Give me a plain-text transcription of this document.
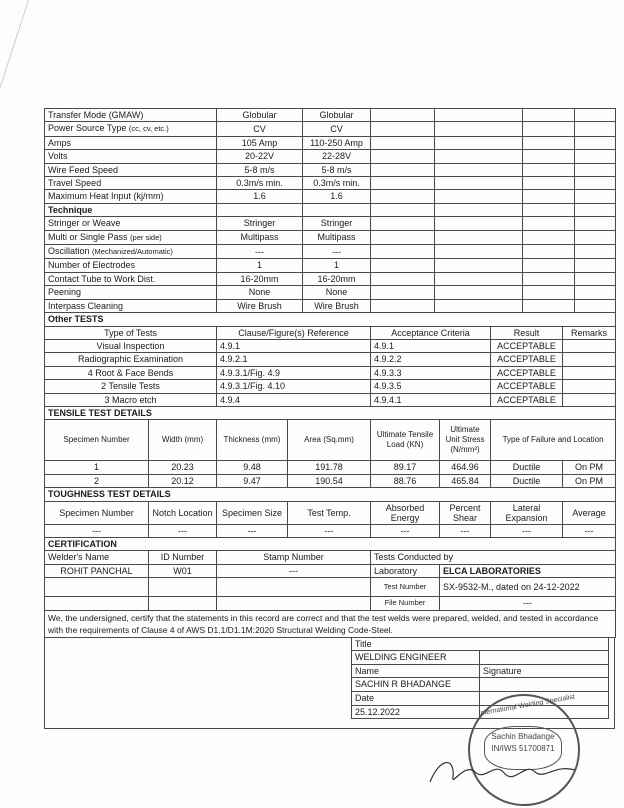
Transfer Mode (GMAW)	Globular	Globular				
Power Source Type (cc, cv, etc.)	CV	CV				
Amps	105 Amp	110-250 Amp				
Volts	20-22V	22-28V				
Wire Feed Speed	5-8 m/s	5-8 m/s				
Travel Speed	0.3m/s min.	0.3m/s min.				
Maximum Heat Input (kj/mm)	1.6	1.6				
Technique						
Stringer or Weave	Stringer	Stringer				
Multi or Single Pass (per side)	Multipass	Multipass				
Oscillation (Mechanized/Automatic)	---	---				
Number of Electrodes	1	1				
Contact Tube to Work Dist.	16-20mm	16-20mm				
Peening	None	None				
Interpass Cleaning	Wire Brush	Wire Brush				
Other TESTS				
Type of Tests	Clause/Figure(s) Reference	Acceptance Criteria	Result	Remarks
Visual Inspection	4.9.1	4.9.1	ACCEPTABLE	
Radiographic Examination	4.9.2.1	4.9.2.2	ACCEPTABLE	
4 Root & Face Bends	4.9.3.1/Fig. 4.9	4.9.3.3	ACCEPTABLE	
2 Tensile Tests	4.9.3.1/Fig. 4.10	4.9.3.5	ACCEPTABLE	
3 Macro etch	4.9.4	4.9.4.1	ACCEPTABLE	
TENSILE TEST DETAILS							
Specimen Number	Width (mm)	Thickness (mm)	Area (Sq.mm)	Ultimate Tensile Load (KN)	Ultimate Unit Stress (N/mm²)	Type of Failure and Location	
1	20.23	9.48	191.78	89.17	464.96	Ductile	On PM
2	20.12	9.47	190.54	88.76	465.84	Ductile	On PM
TOUGHNESS TEST DETAILS							
Specimen Number	Notch Location	Specimen Size	Test Temp.	Absorbed Energy	Percent Shear	Lateral Expansion	Average
---	---	---	---	---	---	---	---
CERTIFICATION				
Welder's Name	ID Number	Stamp Number	Tests Conducted by	
ROHIT PANCHAL	W01	---	Laboratory	ELCA LABORATORIES
			Test Number	SX-9532-M., dated on 24-12-2022
			File Number	---
We, the undersigned, certify that the statements in this record are correct and that the test welds were prepared, welded, and tested in accordance with the requirements of Clause 4 of AWS D1.1/D1.1M:2020 Structural Welding Code-Steel.				
Title	
WELDING ENGINEER	
Name	Signature
SACHIN R BHADANGE	
Date	
25.12.2022		International Welding Specialist
Sachin Bhadange
IN/IWS 51700871
